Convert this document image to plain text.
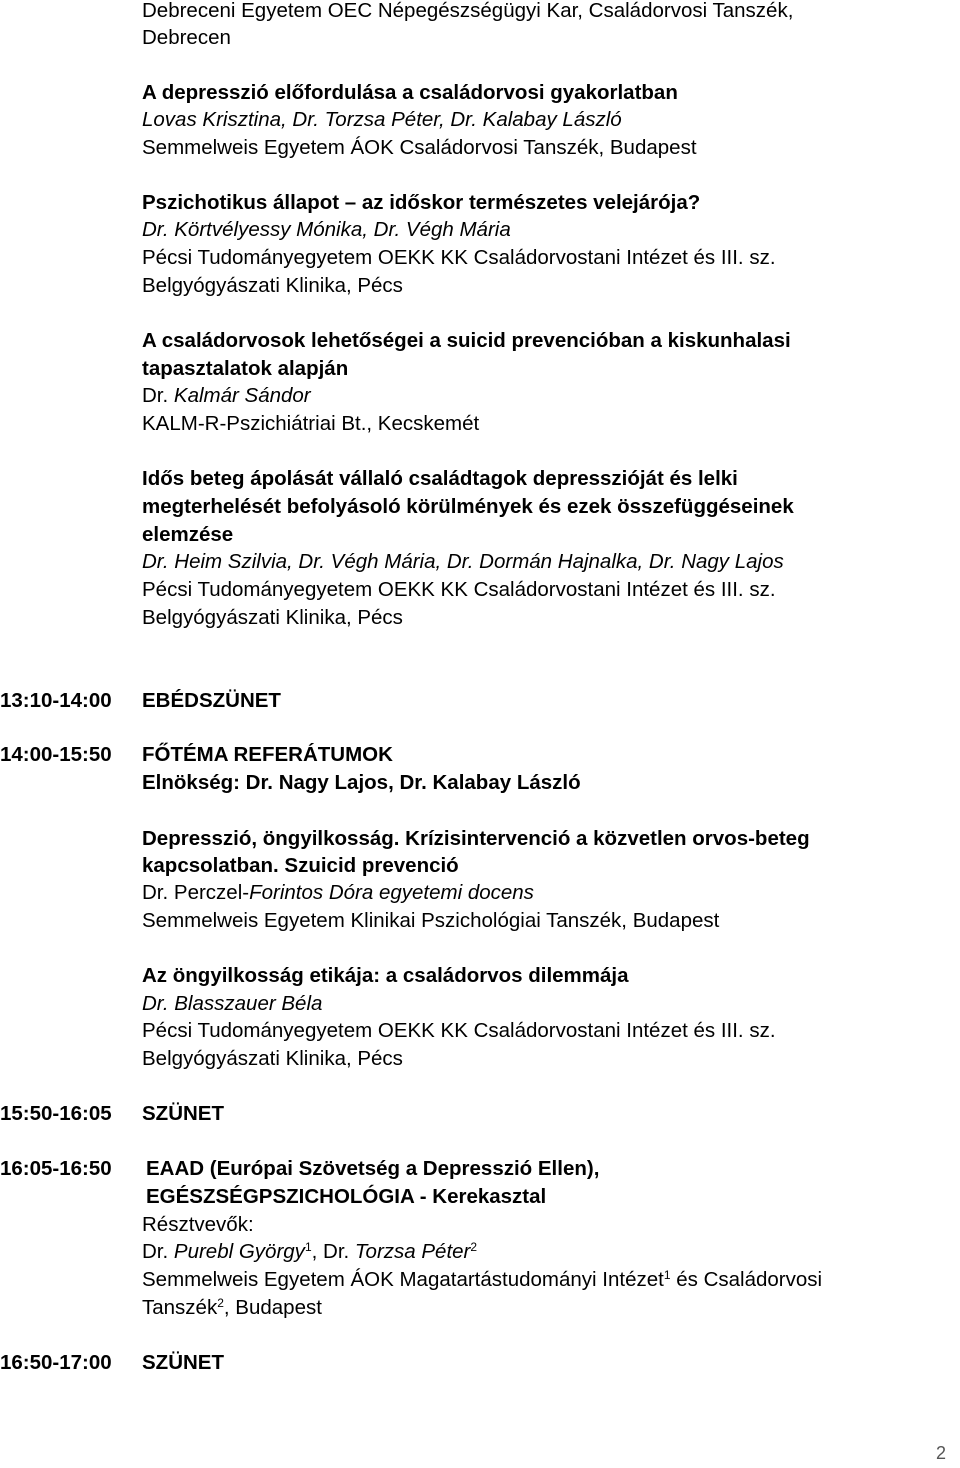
Debreceni Egyetem OEC Népegészségügyi Kar, Családorvosi Tanszék,

Debrecen

A depresszió előfordulása a családorvosi gyakorlatban

Lovas Krisztina, Dr. Torzsa Péter, Dr. Kalabay László

Semmelweis Egyetem ÁOK Családorvosi Tanszék, Budapest

Pszichotikus állapot – az időskor természetes velejárója?

Dr. Körtvélyessy Mónika, Dr. Végh Mária

Pécsi Tudományegyetem OEKK KK Családorvostani Intézet és III. sz.

Belgyógyászati Klinika, Pécs

A családorvosok lehetőségei a suicid prevencióban a kiskunhalasi

tapasztalatok alapján

Dr. Kalmár Sándor

KALM-R-Pszichiátriai Bt., Kecskemét

Idős beteg ápolását vállaló családtagok depresszióját és lelki

megterhelését befolyásoló körülmények és ezek összefüggéseinek

elemzése

Dr. Heim Szilvia, Dr. Végh Mária, Dr. Dormán Hajnalka, Dr. Nagy Lajos

Pécsi Tudományegyetem OEKK KK Családorvostani Intézet és III. sz.

Belgyógyászati Klinika, Pécs

13:10-14:00 EBÉDSZÜNET

14:00-15:50 FŐTÉMA REFERÁTUMOK

Elnökség: Dr. Nagy Lajos, Dr. Kalabay László

Depresszió, öngyilkosság. Krízisintervenció a közvetlen orvos-beteg

kapcsolatban. Szuicid prevenció

Dr. Perczel-Forintos Dóra egyetemi docens

Semmelweis Egyetem Klinikai Pszichológiai Tanszék, Budapest

Az öngyilkosság etikája: a családorvos dilemmája

Dr. Blasszauer Béla

Pécsi Tudományegyetem OEKK KK Családorvostani Intézet és III. sz.

Belgyógyászati Klinika, Pécs

15:50-16:05 SZÜNET

16:05-16:50 EAAD (Európai Szövetség a Depresszió Ellen),

EGÉSZSÉGPSZICHOLÓGIA - Kerekasztal

Résztvevők:

Dr. Purebl György$^1$, Dr. Torzsa Péter$^2$

Semmelweis Egyetem ÁOK Magatartástudományi Intézet$^1$ és Családorvosi

Tanszék$^2$, Budapest

16:50-17:00 SZÜNET

2
